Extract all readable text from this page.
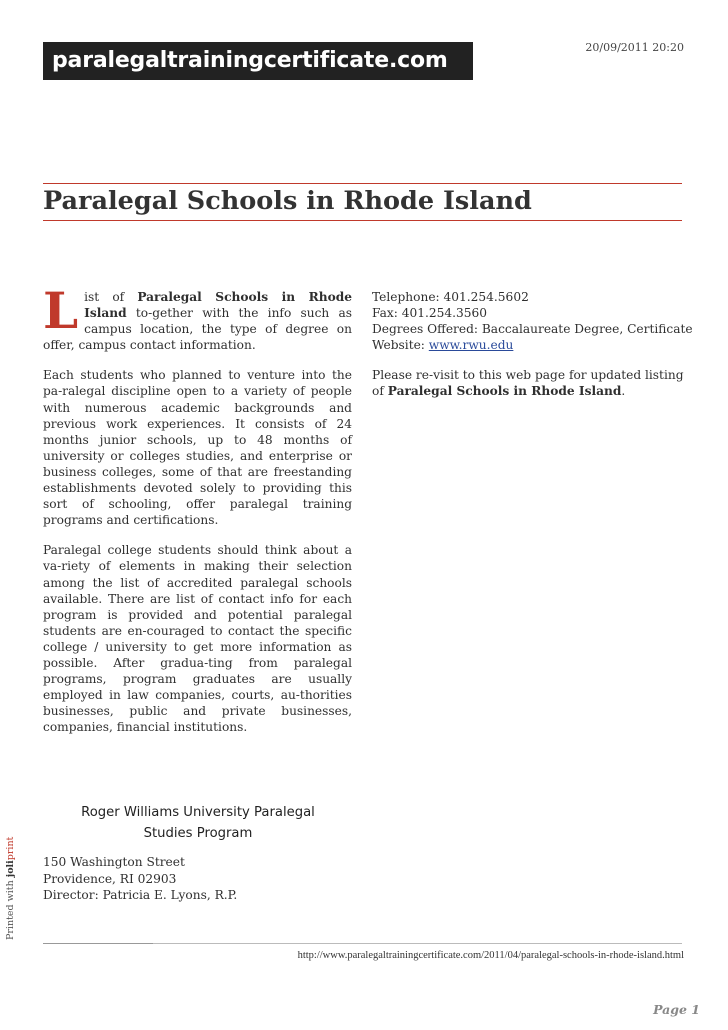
paralegaltrainingcertificate.com
20/09/2011 20:20
Paralegal Schools in Rhode Island

List of Paralegal Schools in Rhode Island to-gether with the info such as campus location, the type of degree on offer, campus contact information.

Each students who planned to venture into the pa-ralegal discipline open to a variety of people with numerous academic backgrounds and previous work experiences. It consists of 24 months junior schools, up to 48 months of university or colleges studies, and enterprise or business colleges, some of that are freestanding establishments devoted solely to providing this sort of schooling, offer paralegal training programs and certifications.

Paralegal college students should think about a va-riety of elements in making their selection among the list of accredited paralegal schools available. There are list of contact info for each program is provided and potential paralegal students are en-couraged to contact the specific college / university to get more information as possible. After gradua-ting from paralegal programs, program graduates are usually employed in law companies, courts, au-thorities businesses, public and private businesses, companies, financial institutions.

Telephone: 401.254.5602
Fax: 401.254.3560
Degrees Offered: Baccalaureate Degree, Certificate
Website: www.rwu.edu

Please re-visit to this web page for updated listing of Paralegal Schools in Rhode Island.

Roger Williams University Paralegal
Studies Program
150 Washington Street
Providence, RI 02903
Director: Patricia E. Lyons, R.P.
Printed with joliprint
http://www.paralegaltrainingcertificate.com/2011/04/paralegal-schools-in-rhode-island.html
Page 1
